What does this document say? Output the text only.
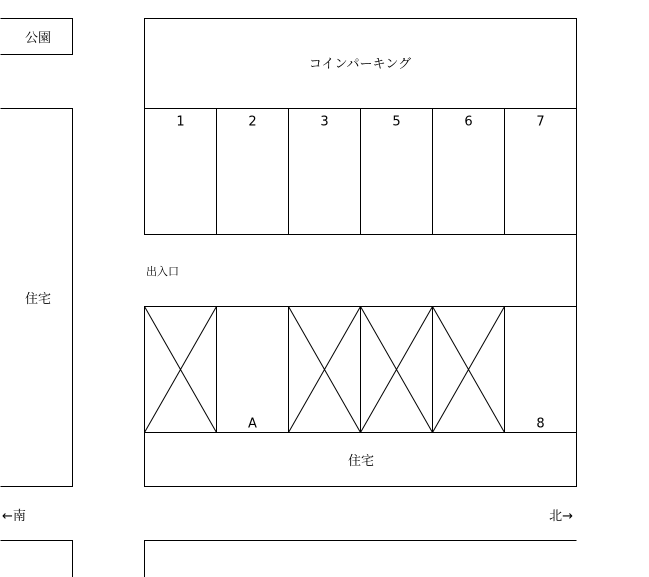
公園
住宅
コインパーキング
1	2	3	5	6	7
出入口
A	8
住宅
←南	北→
